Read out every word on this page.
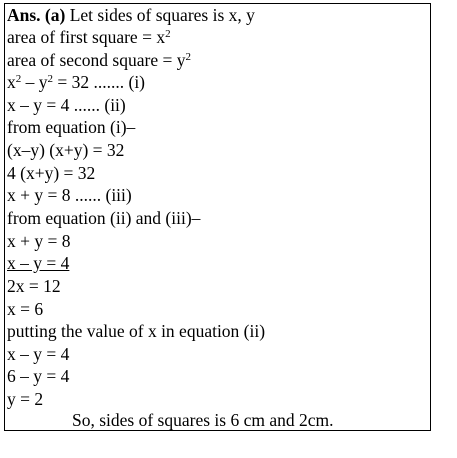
Ans. (a) Let sides of squares is x, y
area of first square = $x^2$
area of second square = $y^2$
$x^2 - y^2 = 32$ ....... (i)
x – y = 4 ...... (ii)
from equation (i)–
(x–y) (x+y) = 32
4 (x+y) = 32
x + y = 8 ...... (iii)
from equation (ii) and (iii)–
x + y = 8
x – y = 4
2x = 12
x = 6
putting the value of x in equation (ii)
x – y = 4
6 – y = 4
y = 2
So, sides of squares is 6 cm and 2cm.
